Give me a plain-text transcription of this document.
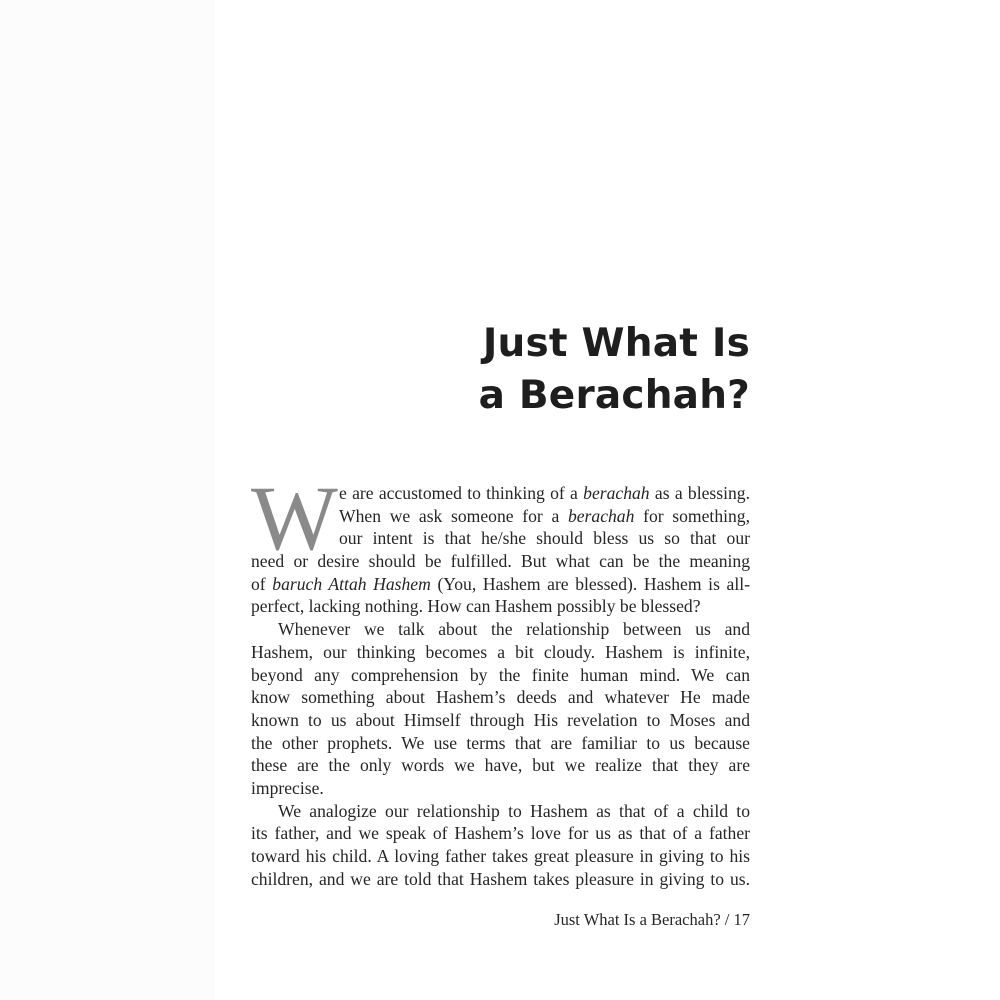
Just What Is
a Berachah?
W e are accustomed to thinking of a berachah as a blessing.
When we ask someone for a berachah for something,
our intent is that he/she should bless us so that our
need or desire should be fulfilled. But what can be the meaning
of baruch Attah Hashem (You, Hashem are blessed). Hashem is all-
perfect, lacking nothing. How can Hashem possibly be blessed?
Whenever we talk about the relationship between us and
Hashem, our thinking becomes a bit cloudy. Hashem is infinite,
beyond any comprehension by the finite human mind. We can
know something about Hashem’s deeds and whatever He made
known to us about Himself through His revelation to Moses and
the other prophets. We use terms that are familiar to us because
these are the only words we have, but we realize that they are
imprecise.
We analogize our relationship to Hashem as that of a child to
its father, and we speak of Hashem’s love for us as that of a father
toward his child. A loving father takes great pleasure in giving to his
children, and we are told that Hashem takes pleasure in giving to us.
Just What Is a Berachah? / 17
